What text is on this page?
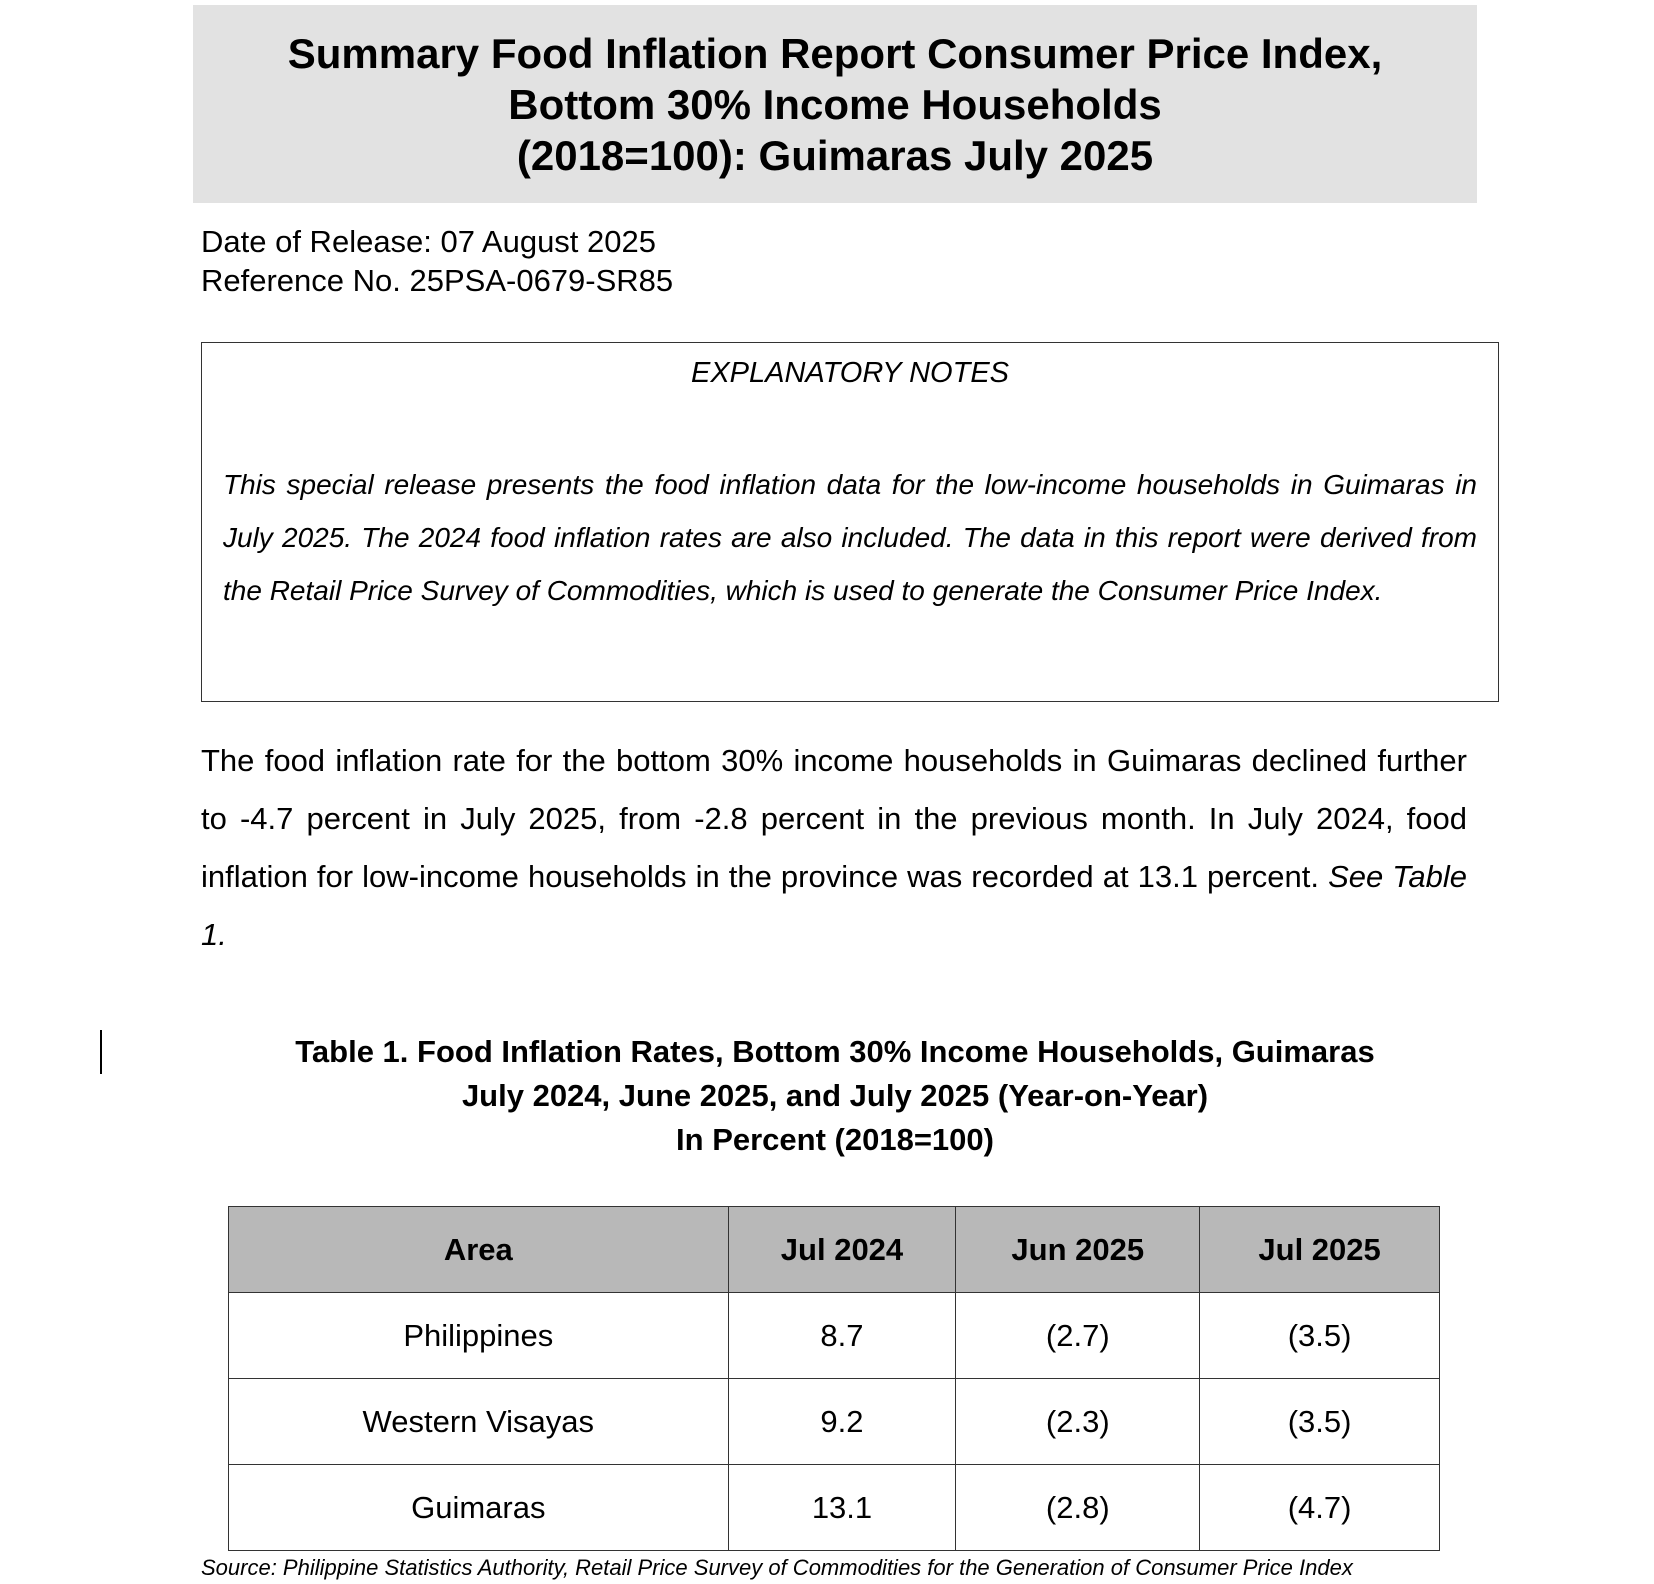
Summary Food Inflation Report Consumer Price Index,
Bottom 30% Income Households
(2018=100): Guimaras July 2025
Date of Release: 07 August 2025
Reference No. 25PSA-0679-SR85
EXPLANATORY NOTES
This special release presents the food inflation data for the low-income households in Guimaras in July 2025. The 2024 food inflation rates are also included. The data in this report were derived from the Retail Price Survey of Commodities, which is used to generate the Consumer Price Index.
The food inflation rate for the bottom 30% income households in Guimaras declined further to -4.7 percent in July 2025, from -2.8 percent in the previous month. In July 2024, food inflation for low-income households in the province was recorded at 13.1 percent. See Table 1.
Table 1. Food Inflation Rates, Bottom 30% Income Households, Guimaras
July 2024, June 2025, and July 2025 (Year-on-Year)
In Percent (2018=100)
Area	Jul 2024	Jun 2025	Jul 2025
Philippines	8.7	(2.7)	(3.5)
Western Visayas	9.2	(2.3)	(3.5)
Guimaras	13.1	(2.8)	(4.7)
Source: Philippine Statistics Authority, Retail Price Survey of Commodities for the Generation of Consumer Price Index
